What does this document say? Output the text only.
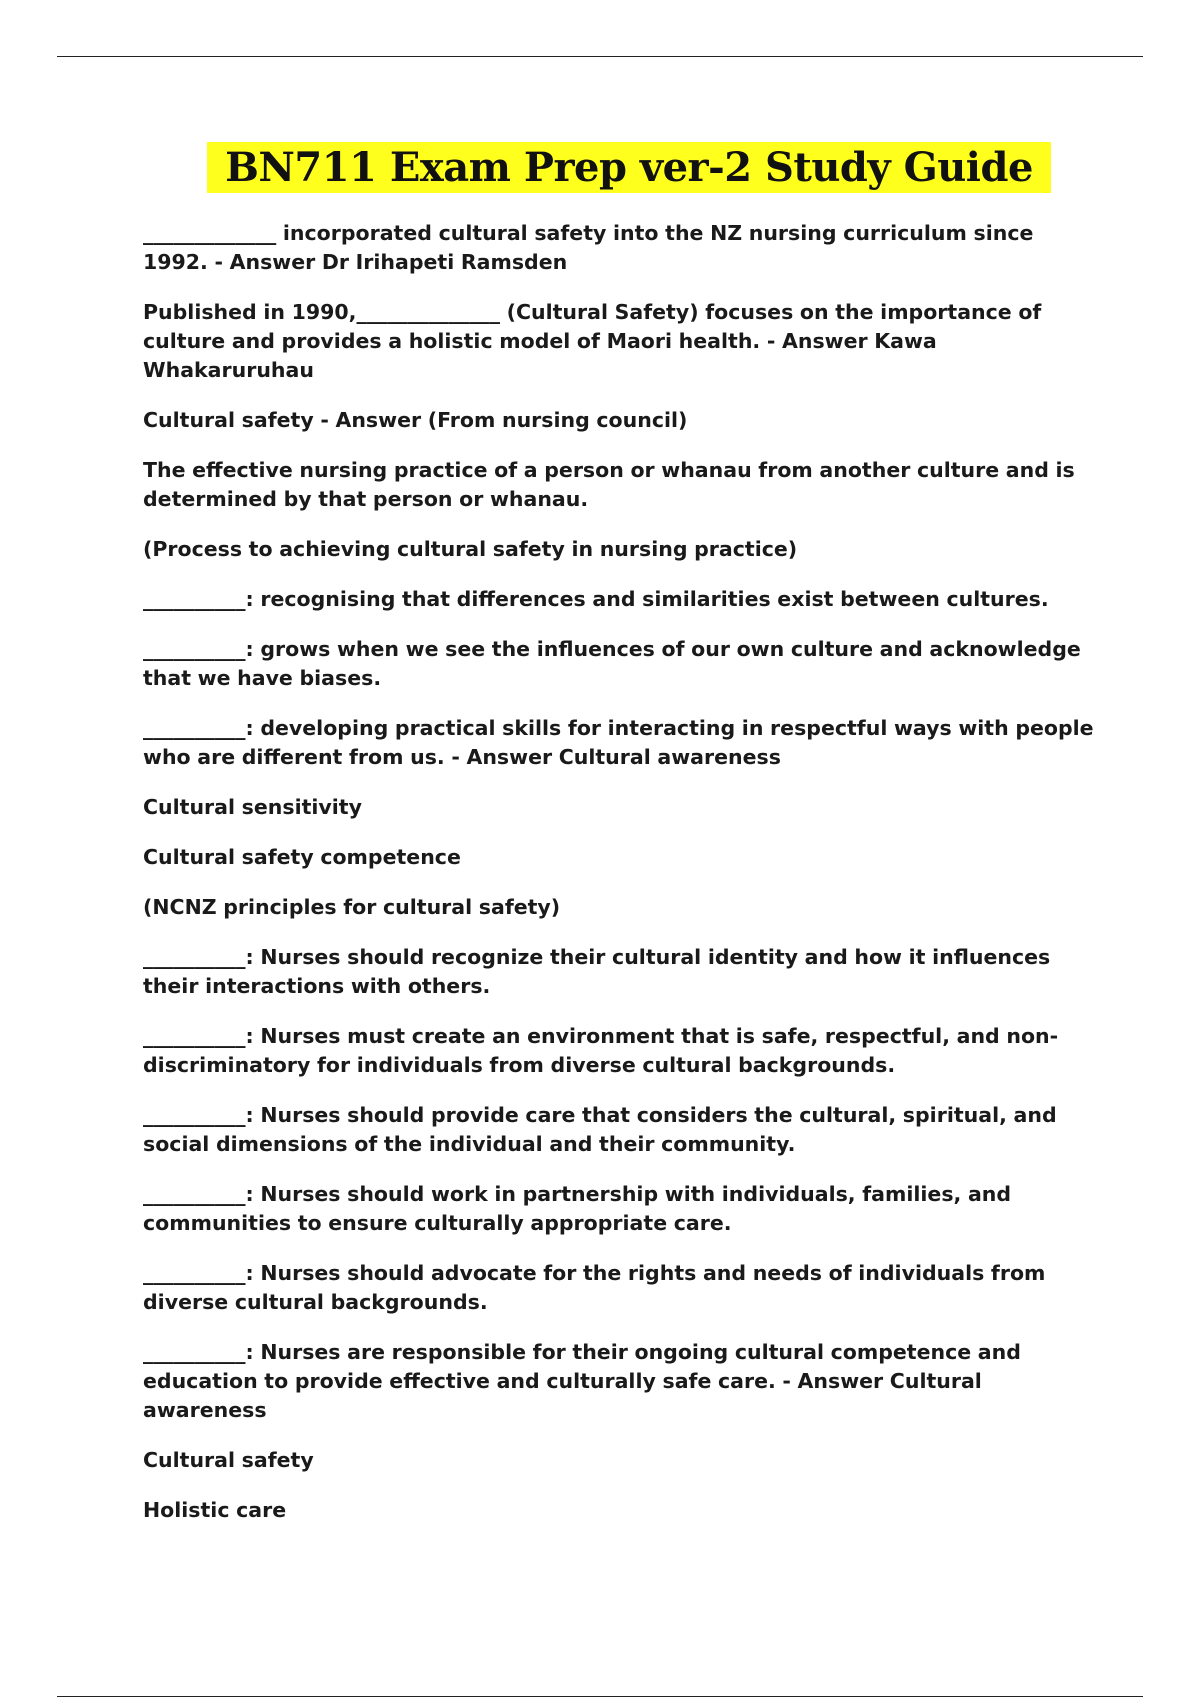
BN711 Exam Prep ver-2 Study Guide

_____________ incorporated cultural safety into the NZ nursing curriculum since 1992. - Answer Dr Irihapeti Ramsden

Published in 1990,______________ (Cultural Safety) focuses on the importance of culture and provides a holistic model of Maori health. - Answer Kawa Whakaruruhau

Cultural safety - Answer (From nursing council)

The effective nursing practice of a person or whanau from another culture and is determined by that person or whanau.

(Process to achieving cultural safety in nursing practice)

__________: recognising that differences and similarities exist between cultures.

__________: grows when we see the influences of our own culture and acknowledge that we have biases.

__________: developing practical skills for interacting in respectful ways with people who are different from us. - Answer Cultural awareness

Cultural sensitivity

Cultural safety competence

(NCNZ principles for cultural safety)

__________: Nurses should recognize their cultural identity and how it influences their interactions with others.

__________: Nurses must create an environment that is safe, respectful, and non-discriminatory for individuals from diverse cultural backgrounds.

__________: Nurses should provide care that considers the cultural, spiritual, and social dimensions of the individual and their community.

__________: Nurses should work in partnership with individuals, families, and communities to ensure culturally appropriate care.

__________: Nurses should advocate for the rights and needs of individuals from diverse cultural backgrounds.

__________: Nurses are responsible for their ongoing cultural competence and education to provide effective and culturally safe care. - Answer Cultural awareness

Cultural safety

Holistic care
